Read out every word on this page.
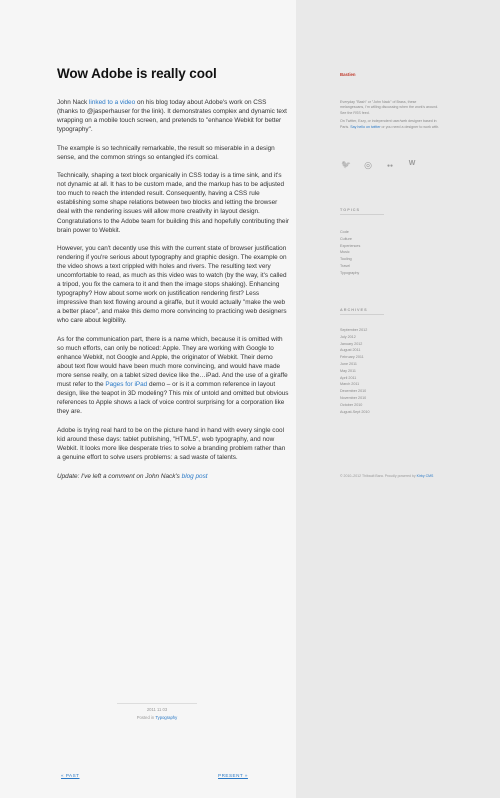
Wow Adobe is really cool

John Nack linked to a video on his blog today about Adobe's work on CSS (thanks to @jasperhauser for the link). It demonstrates complex and dynamic text wrapping on a mobile touch screen, and pretends to "enhance Webkit for better typography".

The example is so technically remarkable, the result so miserable in a design sense, and the common strings so entangled it's comical.

Technically, shaping a text block organically in CSS today is a time sink, and it's not dynamic at all. It has to be custom made, and the markup has to be adjusted too much to reach the intended result. Consequently, having a CSS rule establishing some shape relations between two blocks and letting the browser deal with the rendering issues will allow more creativity in layout design. Congratulations to the Adobe team for building this and hopefully contributing their brain power to Webkit.

However, you can't decently use this with the current state of browser justification rendering if you're serious about typography and graphic design. The example on the video shows a text crippled with holes and rivers. The resulting text very uncomfortable to read, as much as this video was to watch (by the way, it's called a tripod, you fix the camera to it and then the image stops shaking). Enhancing typography? How about some work on justification rendering first? Less impressive than text flowing around a giraffe, but it would actually "make the web a better place", and make this demo more convincing to practicing web designers who care about legibility.

As for the communication part, there is a name which, because it is omitted with so much efforts, can only be noticed: Apple. They are working with Google to enhance Webkit, not Google and Apple, the originator of Webkit. Their demo about text flow would have been much more convincing, and would have made more sense really, on a tablet sized device like the…iPad. And the use of a giraffe must refer to the Pages for iPad demo – or is it a common reference in layout design, like the teapot in 3D modeling? This mix of untold and omitted but obvious references to Apple shows a lack of voice control surprising for a corporation like they are.

Adobe is trying real hard to be on the picture hand in hand with every single cool kid around these days: tablet publishing, "HTML5", web typography, and now Webkit. It looks more like desperate tries to solve a branding problem rather than a genuine effort to solve users problems: a sad waste of talents.

Update: I've left a comment on John Nack's blog post

2011 11 03
Posted in Typography
« PAST	PRESENT »
Bastien

Everyday "Bash" or "John Nack" of Brass, these melangescans, I'm willing discussing when the work's around. See the RSS feed.

On Twitter, Ezzy, or independent user/web designer based in Paris. Say hello on twitter or you need a designer to work with.

🐦 ◎	●●	W
TOPICS
Code
Culture
Experiences
Music
Tooling
Travel
Typography
ARCHIVES
September 2012
July 2012
January 2012
August 2011
February 2011
June 2011
May 2011
April 2011
March 2011
December 2010
November 2010
October 2010
August-Sept 2010
© 2010–2012 Thibault Bara. Proudly powered by Kirby CMS
